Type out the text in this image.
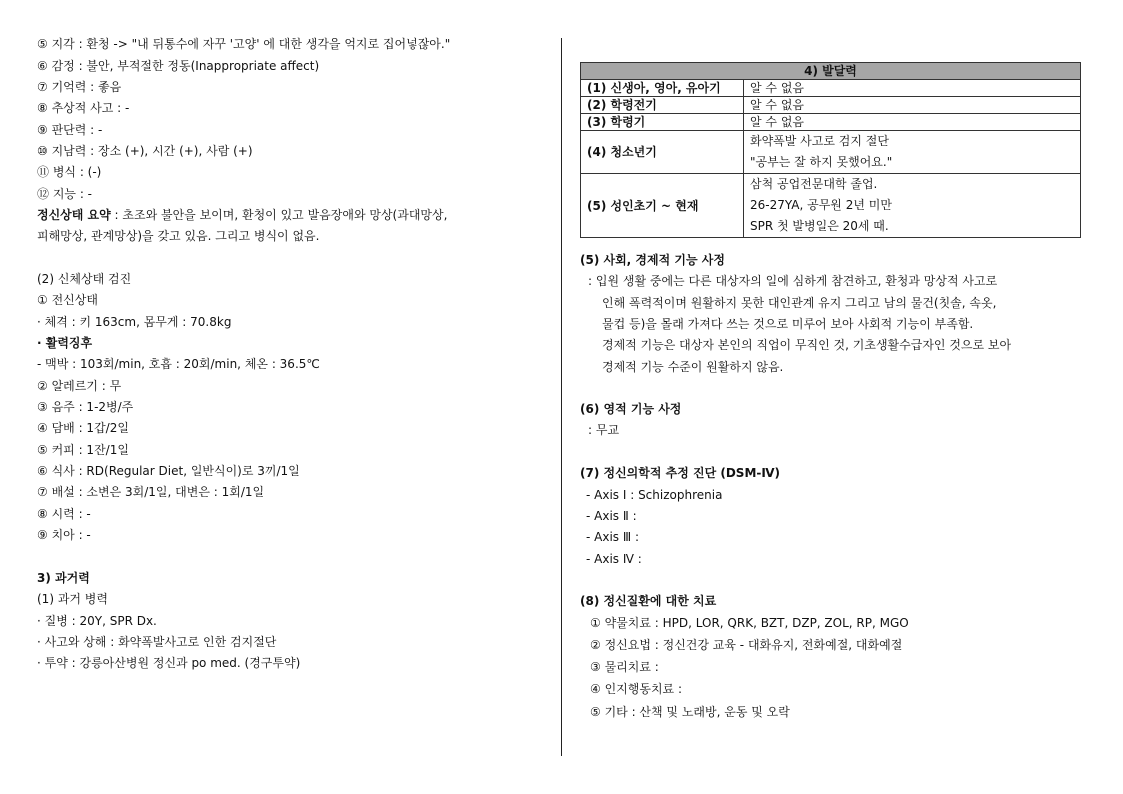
⑤ 지각 : 환청 -> "내 뒤통수에 자꾸 '고양' 에 대한 생각을 억지로 집어넣잖아."
⑥ 감정 : 불안, 부적절한 정동(Inappropriate affect)
⑦ 기억력 : 좋음
⑧ 추상적 사고 : -
⑨ 판단력 : -
⑩ 지남력 : 장소 (+), 시간 (+), 사람 (+)
⑪ 병식 : (-)
⑫ 지능 : -
정신상태 요약 : 초조와 불안을 보이며, 환청이 있고 발음장애와 망상(과대망상,
피해망상, 관계망상)을 갖고 있음. 그리고 병식이 없음.
(2) 신체상태 검진
① 전신상태
· 체격 : 키 163cm, 몸무게 : 70.8kg
· 활력징후
- 맥박 : 103회/min, 호흡 : 20회/min, 체온 : 36.5℃
② 알레르기 : 무
③ 음주 : 1-2병/주
④ 담배 : 1갑/2일
⑤ 커피 : 1잔/1일
⑥ 식사 : RD(Regular Diet, 일반식이)로 3끼/1일
⑦ 배설 : 소변은 3회/1일, 대변은 : 1회/1일
⑧ 시력 : -
⑨ 치아 : -
3) 과거력
(1) 과거 병력
· 질병 : 20Y, SPR Dx.
· 사고와 상해 : 화약폭발사고로 인한 검지절단
· 투약 : 강릉아산병원 정신과 po med. (경구투약)
4) 발달력	
(1) 신생아, 영아, 유아기	알 수 없음
(2) 학령전기	알 수 없음
(3) 학령기	알 수 없음
(4) 청소년기	화약폭발 사고로 검지 절단
"공부는 잘 하지 못했어요."

(5) 성인초기 ~ 현재	삼척 공업전문대학 졸업.
26-27YA, 공무원 2년 미만
SPR 첫 발병일은 20세 때.
(5) 사회, 경제적 기능 사정
: 입원 생활 중에는 다른 대상자의 일에 심하게 참견하고, 환청과 망상적 사고로
인해 폭력적이며 원활하지 못한 대인관계 유지 그리고 남의 물건(칫솔, 속옷,
물컵 등)을 몰래 가져다 쓰는 것으로 미루어 보아 사회적 기능이 부족함.
경제적 기능은 대상자 본인의 직업이 무직인 것, 기초생활수급자인 것으로 보아
경제적 기능 수준이 원활하지 않음.
(6) 영적 기능 사정
: 무교
(7) 정신의학적 추정 진단 (DSM-Ⅳ)
- Axis Ⅰ : Schizophrenia
- Axis Ⅱ :
- Axis Ⅲ :
- Axis Ⅳ :
(8) 정신질환에 대한 치료
① 약물치료 : HPD, LOR, QRK, BZT, DZP, ZOL, RP, MGO
② 정신요법 : 정신건강 교육 - 대화유지, 전화예절, 대화예절
③ 물리치료 :
④ 인지행동치료 :
⑤ 기타 : 산책 및 노래방, 운동 및 오락
